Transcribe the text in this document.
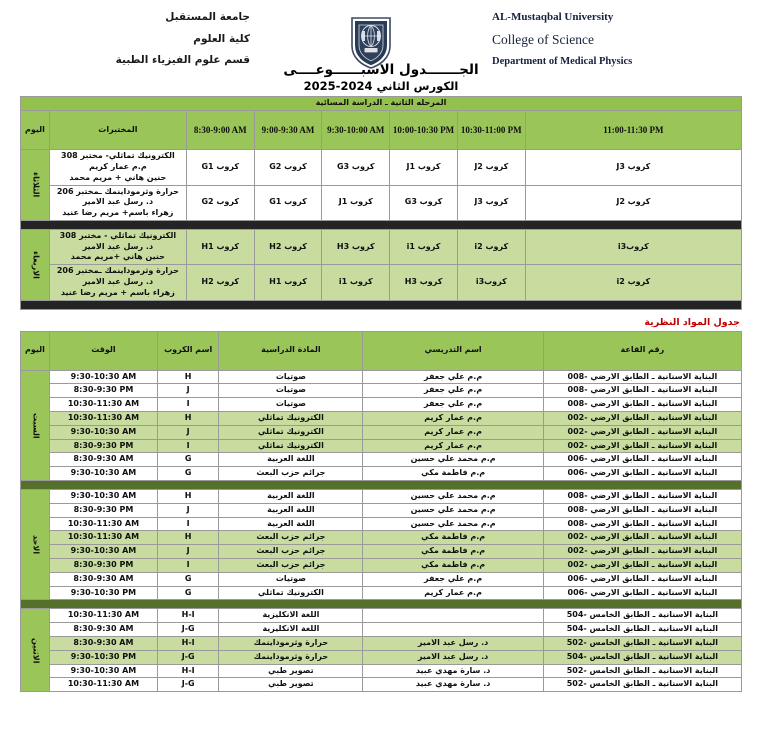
AL-Mustaqbal University
College of Science
Department of Medical Physics
جامعة المستقبل
كلية العلوم
قسم علوم الفيزياء الطبية
الجـــــــدول الاسبــــــوعــــى
الكورس الثاني 2024-2025
المرحله الثانية ـ الدراسة المسائية							
11:00-11:30 PM	10:30-11:00 PM	10:00-10:30 PM	9:30-10:00 AM	9:00-9:30 AM	8:30-9:00 AM	المختبرات	اليوم
كروب J3	كروب J2	كروب J1	كروب G3	كروب G2	كروب G1	الكترونيك تماثلي- مختبر 308
م.م عمار كريم
حنين هاني + مريم محمد	الثلاثاء
كروب J2	كروب J3	كروب G3	كروب J1	كروب G1	كروب G2	حرارة وثرموداينمك ـمختبر 206
د. رسل عبد الامير
زهراء باسم+ مريم رضا عنيد	

كروبi3	كروب i2	كروب i1	كروب H3	كروب H2	كروب H1	الكترونيك تماثلي - مختبر 308
د. رسل عبد الامير
حنين هاني +مريم محمد	الاربعاء
كروب i2	كروبi3	كروب H3	كروب i1	كروب H1	كروب H2	حرارة وثرموداينمك ـمختبر 206
د. رسل عبد الامير
زهراء باسم + مريم رضا عنيد	

جدول المواد النظرية
رقم القاعة	اسم التدريسي	المادة الدراسية	اسم الكروب	الوقت	اليوم
البناية الاسنانية ـ الطابق الارضي -008	م.م علي جعفر	صوتيات	H	9:30-10:30 AM	السبت
البناية الاسنانية ـ الطابق الارضي -008	م.م علي جعفر	صوتيات	J	8:30-9:30 PM	
البناية الاسنانية ـ الطابق الارضي -008	م.م علي جعفر	صوتيات	I	10:30-11:30 AM	
البناية الاسنانية ـ الطابق الارضي -002	م.م عمار كريم	الكترونيك تماثلي	H	10:30-11:30 AM	
البناية الاسنانية ـ الطابق الارضي -002	م.م عمار كريم	الكترونيك تماثلي	J	9:30-10:30 AM	
البناية الاسنانية ـ الطابق الارضي -002	م.م عمار كريم	الكترونيك تماثلي	I	8:30-9:30 PM	
البناية الاسنانية ـ الطابق الارضي -006	م.م محمد علي حسين	اللغة العربية	G	8:30-9:30 AM	
البناية الاسنانية ـ الطابق الارضي -006	م.م فاطمة مكي	جرائم حزب البعث	G	9:30-10:30 AM	

البناية الاسنانية ـ الطابق الارضي -008	م.م محمد علي حسين	اللغة العربية	H	9:30-10:30 AM	الاحد
البناية الاسنانية ـ الطابق الارضي -008	م.م محمد علي حسين	اللغة العربية	J	8:30-9:30 PM	
البناية الاسنانية ـ الطابق الارضي -008	م.م محمد علي حسين	اللغة العربية	I	10:30-11:30 AM	
البناية الاسنانية ـ الطابق الارضي -002	م.م فاطمة مكي	جرائم حزب البعث	H	10:30-11:30 AM	
البناية الاسنانية ـ الطابق الارضي -002	م.م فاطمة مكي	جرائم حزب البعث	J	9:30-10:30 AM	
البناية الاسنانية ـ الطابق الارضي -002	م.م فاطمة مكي	جرائم حزب البعث	I	8:30-9:30 PM	
البناية الاسنانية ـ الطابق الارضي -006	م.م علي جعفر	صوتيات	G	8:30-9:30 AM	
البناية الاسنانية ـ الطابق الارضي -006	م.م عمار كريم	الكترونيك تماثلي	G	9:30-10:30 PM	

البناية الاسنانية ـ الطابق الخامس -504		اللغة الانكليزية	H-I	10:30-11:30 AM	الاثنين
البناية الاسنانية ـ الطابق الخامس -504		اللغة الانكليزية	J-G	8:30-9:30 AM	
البناية الاسنانية ـ الطابق الخامس -502	د. رسل عبد الامير	حرارة وثرموداينمك	H-I	8:30-9:30 AM	
البناية الاسنانية ـ الطابق الخامس -504	د. رسل عبد الامير	حرارة وثرموداينمك	J-G	9:30-10:30 PM	
البناية الاسنانية ـ الطابق الخامس -502	د. سارة مهدي عبيد	تصوير طبي	H-I	9:30-10:30 AM	
البناية الاسنانية ـ الطابق الخامس -502	د. سارة مهدي عبيد	تصوير طبي	J-G	10:30-11:30 AM	
